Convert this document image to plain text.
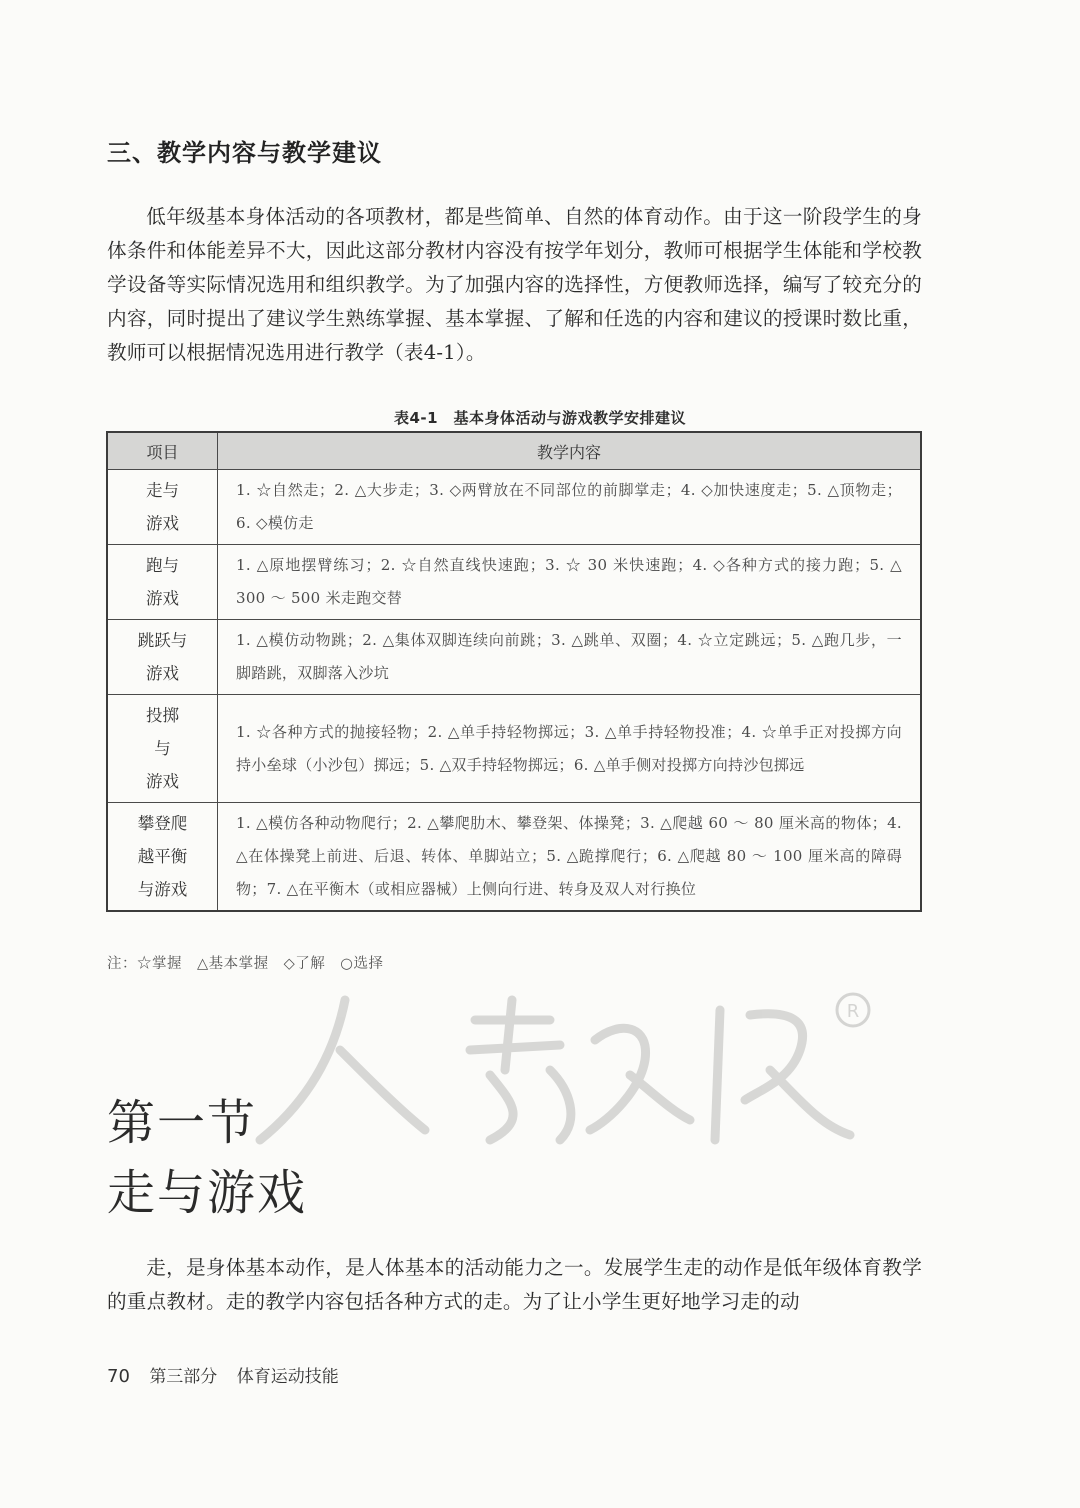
三、教学内容与教学建议

低年级基本身体活动的各项教材，都是些简单、自然的体育动作。由于这一阶段学生的身体条件和体能差异不大，因此这部分教材内容没有按学年划分，教师可根据学生体能和学校教学设备等实际情况选用和组织教学。为了加强内容的选择性，方便教师选择，编写了较充分的内容，同时提出了建议学生熟练掌握、基本掌握、了解和任选的内容和建议的授课时数比重，教师可以根据情况选用进行教学（表4-1）。

表4-1　基本身体活动与游戏教学安排建议
项目	教学内容

走与
游戏	1. ☆自然走；2. △大步走；3. ◇两臂放在不同部位的前脚掌走；4. ◇加快速度走；5. △顶物走；6. ◇模仿走

跑与
游戏	1. △原地摆臂练习；2. ☆自然直线快速跑；3. ☆ 30 米快速跑；4. ◇各种方式的接力跑；5. △ 300 ～ 500 米走跑交替

跳跃与
游戏	1. △模仿动物跳；2. △集体双脚连续向前跳；3. △跳单、双圈；4. ☆立定跳远；5. △跑几步，一脚踏跳，双脚落入沙坑

投掷
与
游戏	1. ☆各种方式的抛接轻物；2. △单手持轻物掷远；3. △单手持轻物投准；4. ☆单手正对投掷方向持小垒球（小沙包）掷远；5. △双手持轻物掷远；6. △单手侧对投掷方向持沙包掷远

攀登爬
越平衡
与游戏	1. △模仿各种动物爬行；2. △攀爬肋木、攀登架、体操凳；3. △爬越 60 ～ 80 厘米高的物体；4. △在体操凳上前进、后退、转体、单脚站立；5. △跪撑爬行；6. △爬越 80 ～ 100 厘米高的障碍物；7. △在平衡木（或相应器械）上侧向行进、转身及双人对行换位
注：☆掌握　△基本掌握　◇了解　○选择
R
第一节
走与游戏

走，是身体基本动作，是人体基本的活动能力之一。发展学生走的动作是低年级体育教学的重点教材。走的教学内容包括各种方式的走。为了让小学生更好地学习走的动

70 第三部分 体育运动技能
